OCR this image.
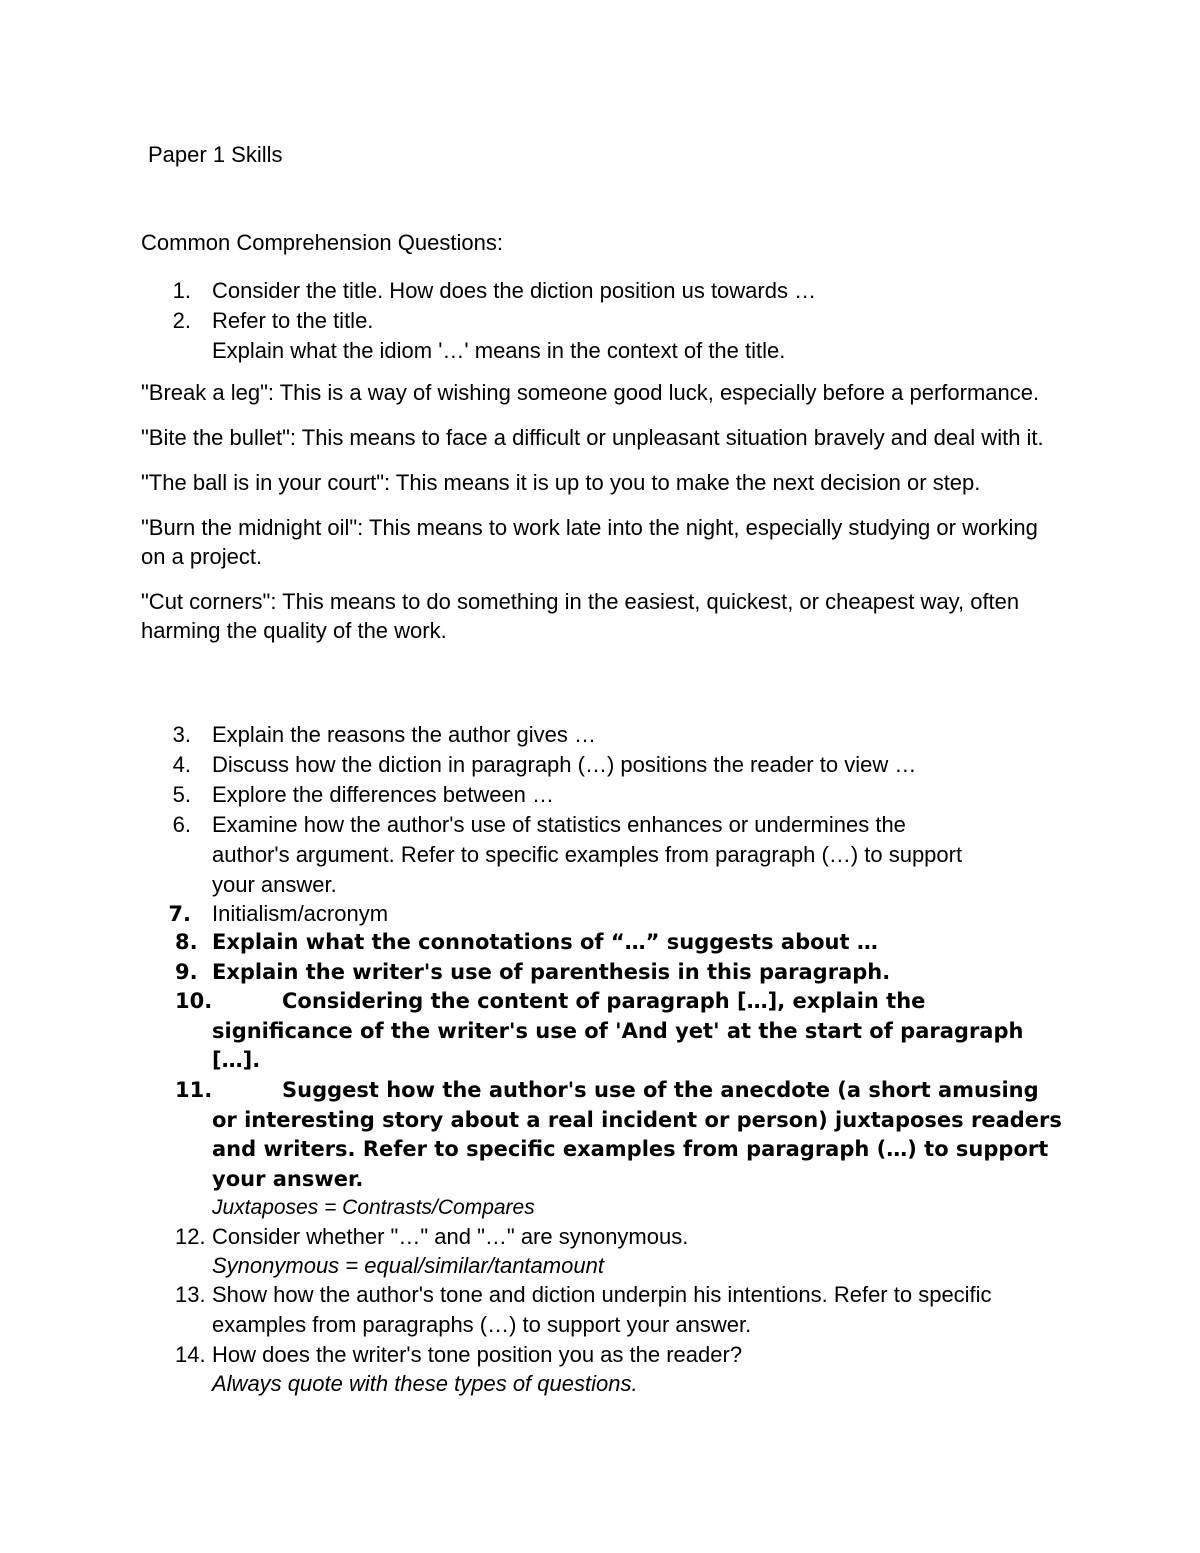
Paper 1 Skills
Common Comprehension Questions:
1. Consider the title. How does the diction position us towards …
2. Refer to the title.
Explain what the idiom '…' means in the context of the title.

"Break a leg": This is a way of wishing someone good luck, especially before a performance.

"Bite the bullet": This means to face a difficult or unpleasant situation bravely and deal with it.

"The ball is in your court": This means it is up to you to make the next decision or step.

"Burn the midnight oil": This means to work late into the night, especially studying or working on a project.

"Cut corners": This means to do something in the easiest, quickest, or cheapest way, often harming the quality of the work.

3. Explain the reasons the author gives …
4. Discuss how the diction in paragraph (…) positions the reader to view …
5. Explore the differences between …
6. Examine how the author's use of statistics enhances or undermines the
author's argument. Refer to specific examples from paragraph (…) to support
your answer.
7. Initialism/acronym
8. Explain what the connotations of “…” suggests about …
9. Explain the writer's use of parenthesis in this paragraph.
10.	Considering the content of paragraph […], explain the
significance of the writer's use of 'And yet' at the start of paragraph
[…].
11.	Suggest how the author's use of the anecdote (a short amusing
or interesting story about a real incident or person) juxtaposes readers
and writers. Refer to specific examples from paragraph (…) to support
your answer.
Juxtaposes = Contrasts/Compares
12. Consider whether "…" and "…" are synonymous.
Synonymous = equal/similar/tantamount
13. Show how the author's tone and diction underpin his intentions. Refer to specific
examples from paragraphs (…) to support your answer.
14. How does the writer's tone position you as the reader?
Always quote with these types of questions.
